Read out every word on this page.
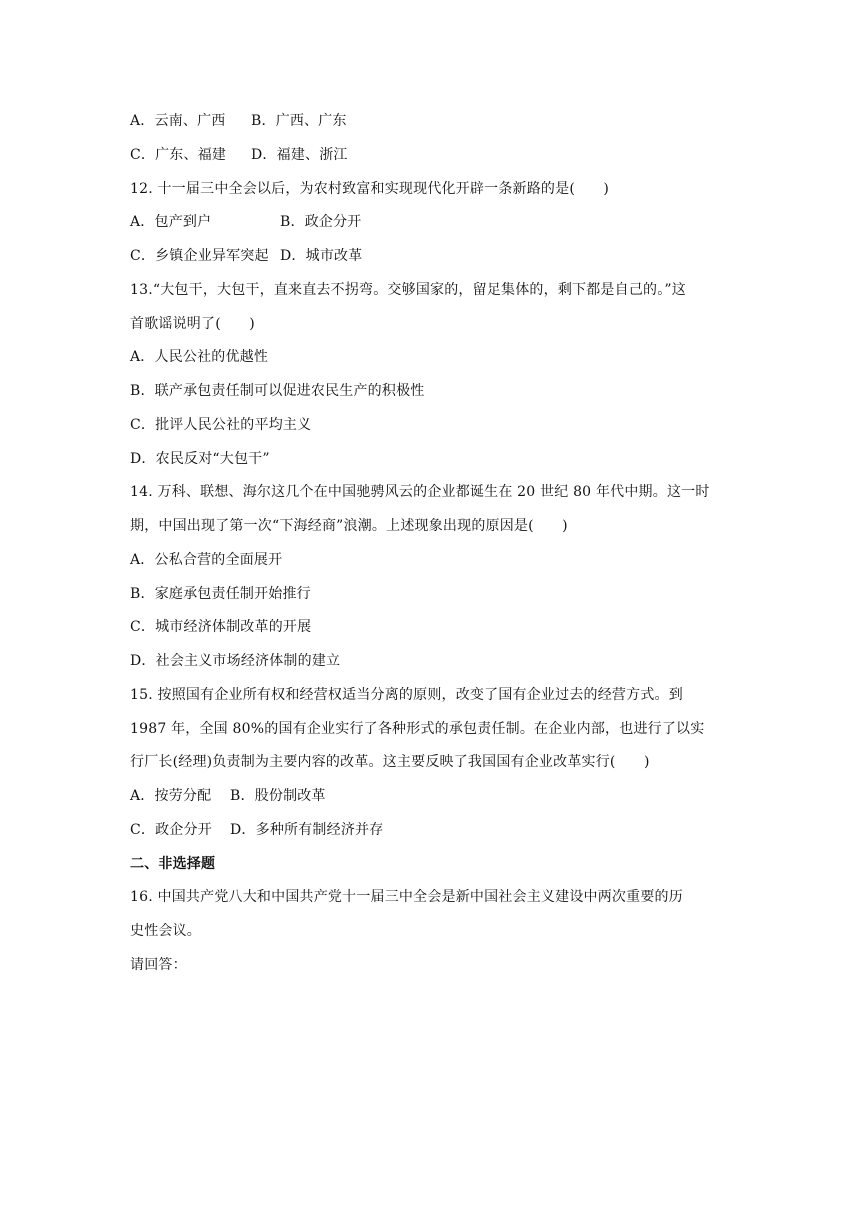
A．云南、广西 B．广西、广东
C．广东、福建 D．福建、浙江
12. 十一届三中全会以后，为农村致富和实现现代化开辟一条新路的是(　　)
A．包产到户	B．政企分开
C．乡镇企业异军突起 D．城市改革
13.“大包干，大包干，直来直去不拐弯。交够国家的，留足集体的，剩下都是自己的。”这
首歌谣说明了(　　)
A．人民公社的优越性
B．联产承包责任制可以促进农民生产的积极性
C．批评人民公社的平均主义
D．农民反对“大包干”
14. 万科、联想、海尔这几个在中国驰骋风云的企业都诞生在 20 世纪 80 年代中期。这一时
期，中国出现了第一次“下海经商”浪潮。上述现象出现的原因是(　　)
A．公私合营的全面展开
B．家庭承包责任制开始推行
C．城市经济体制改革的开展
D．社会主义市场经济体制的建立
15. 按照国有企业所有权和经营权适当分离的原则，改变了国有企业过去的经营方式。到
1987 年，全国 80%的国有企业实行了各种形式的承包责任制。在企业内部，也进行了以实
行厂长(经理)负责制为主要内容的改革。这主要反映了我国国有企业改革实行(　　)
A．按劳分配 B．股份制改革
C．政企分开 D．多种所有制经济并存
二、非选择题
16. 中国共产党八大和中国共产党十一届三中全会是新中国社会主义建设中两次重要的历
史性会议。
请回答：
